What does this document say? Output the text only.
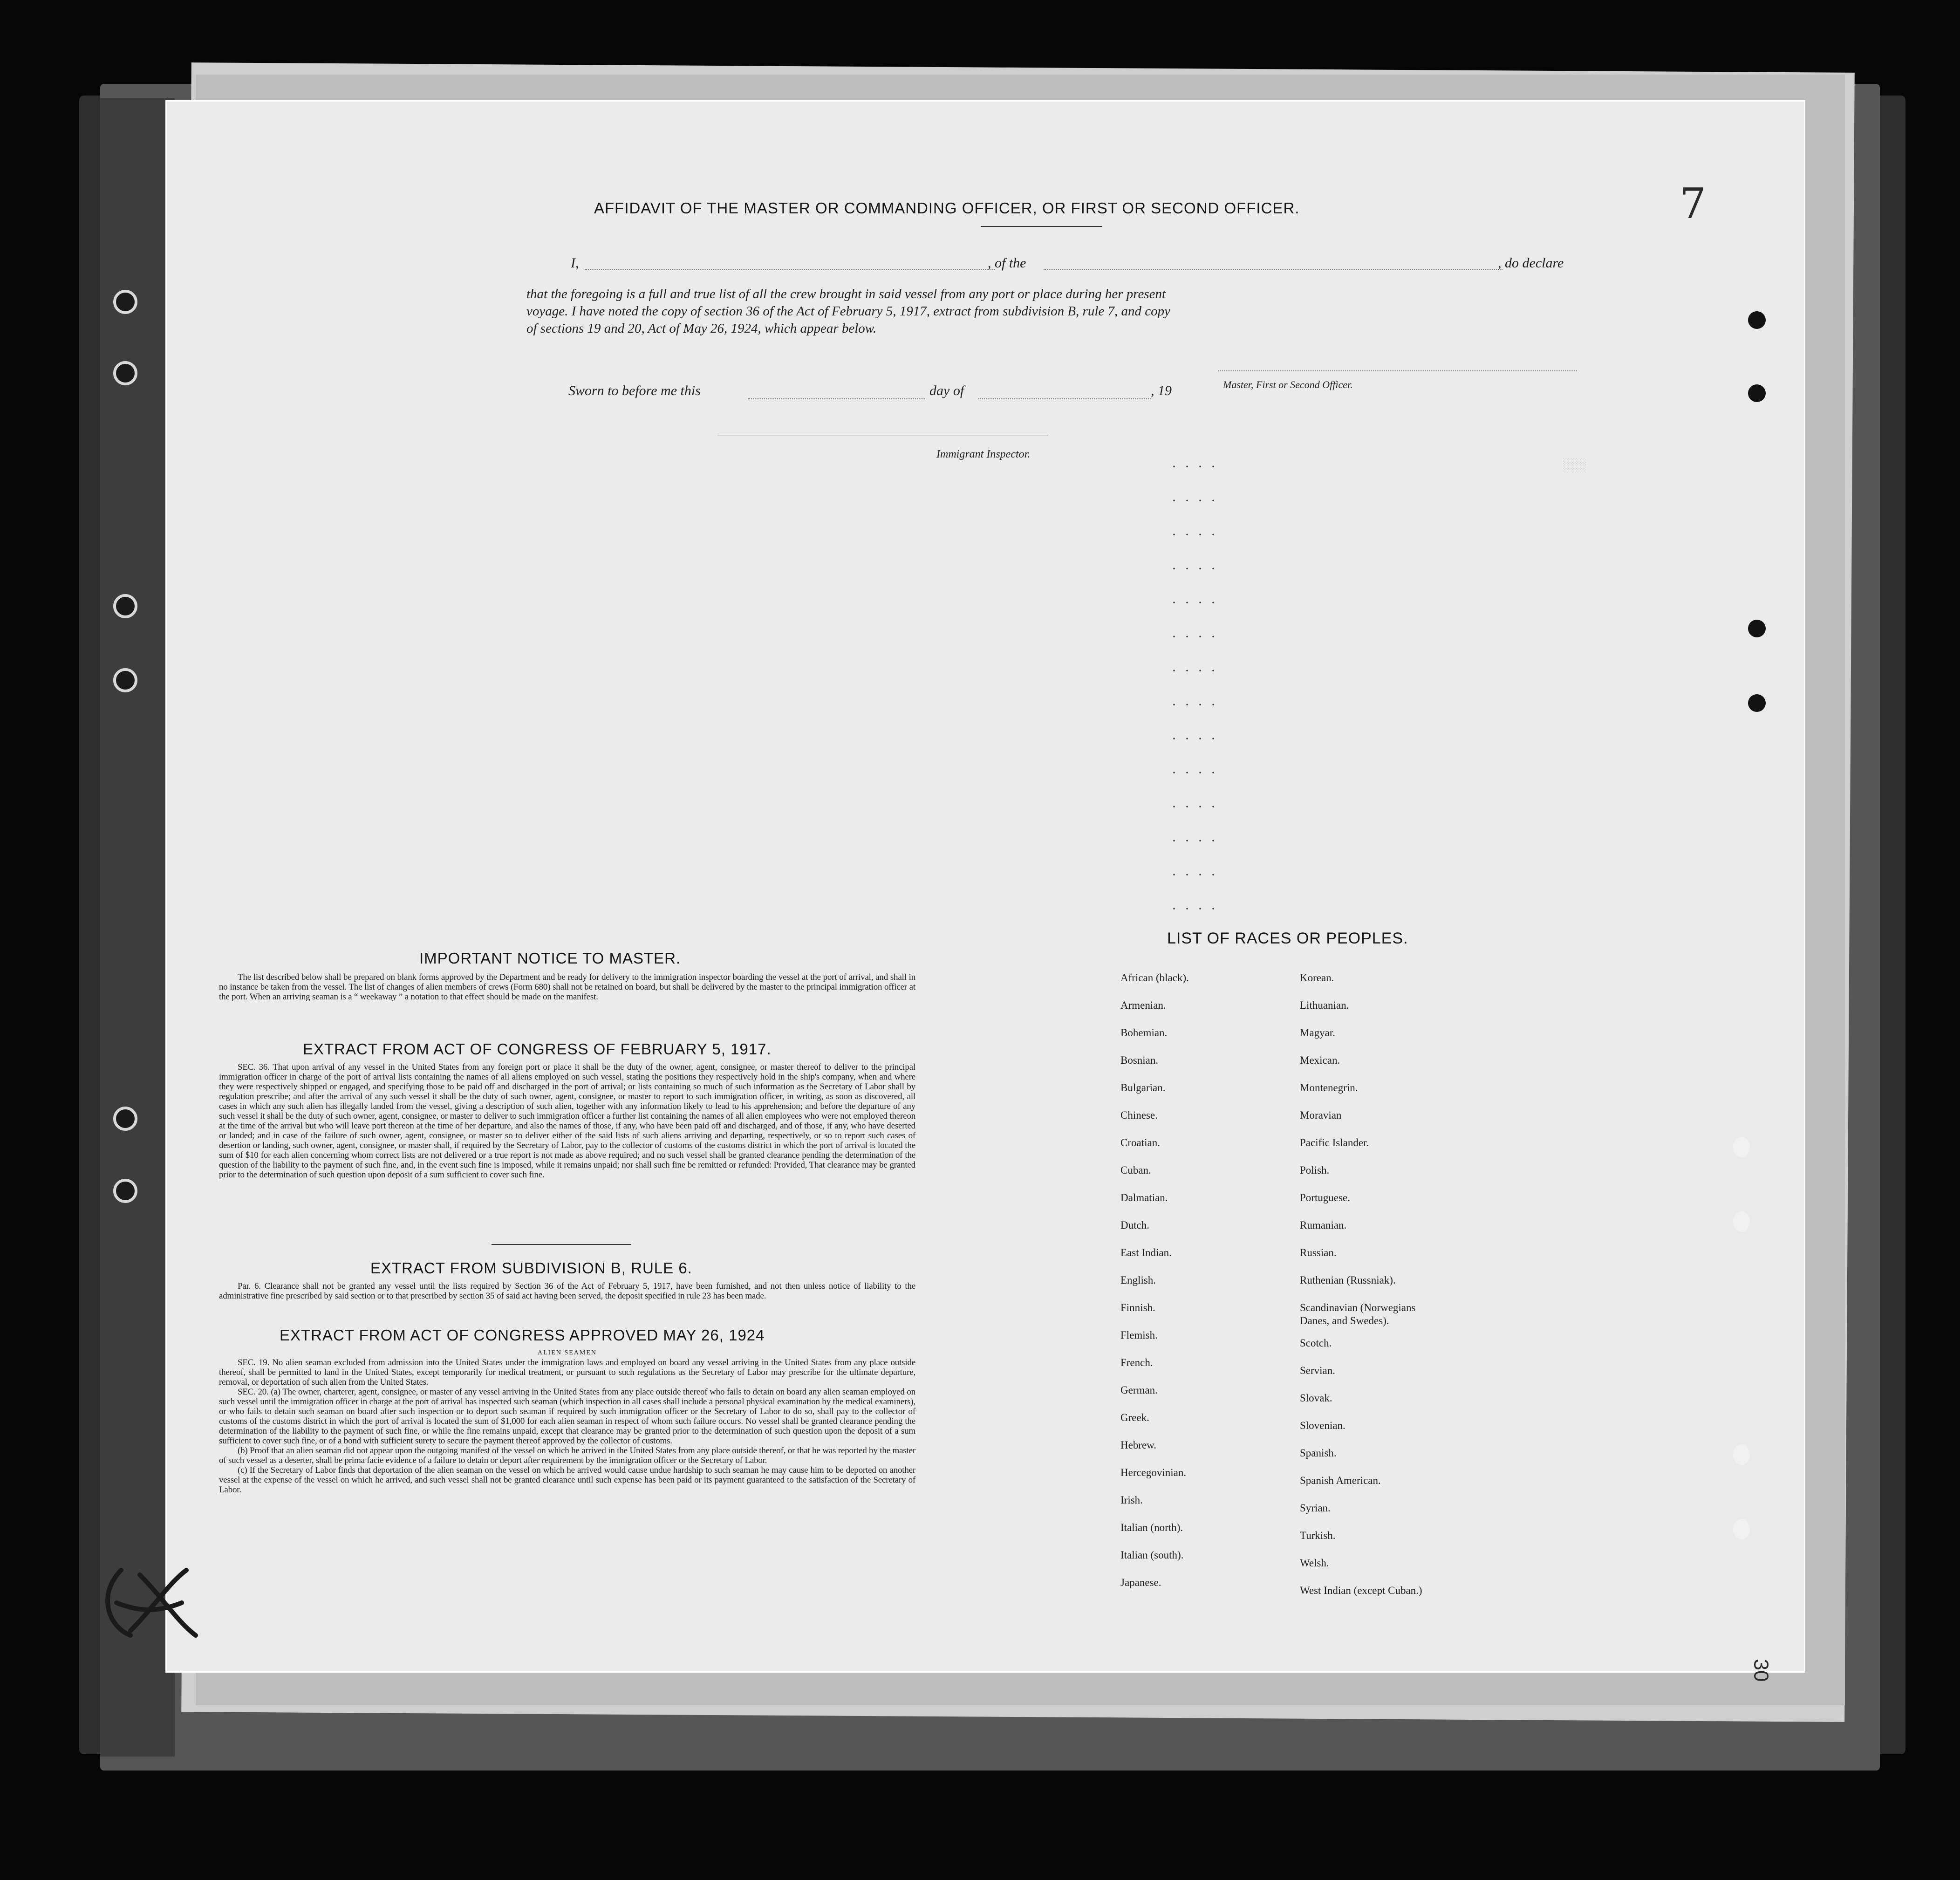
░░░
AFFIDAVIT OF THE MASTER OR COMMANDING OFFICER, OR FIRST OR SECOND OFFICER.
I,	, of the	, do declare
that the foregoing is a full and true list of all the crew brought in said vessel from any port or place during her present
voyage. I have noted the copy of section 36 of the Act of February 5, 1917, extract from subdivision B, rule 7, and copy
of sections 19 and 20, Act of May 26, 1924, which appear below.
Master, First or Second Officer.
Sworn to before me this	day of	, 19
Immigrant Inspector.
IMPORTANT NOTICE TO MASTER.

The list described below shall be prepared on blank forms approved by the Department and be ready for delivery to the immigration inspector boarding the vessel at the port of arrival, and shall in no instance be taken from the vessel. The list of changes of alien members of crews (Form 680) shall not be retained on board, but shall be delivered by the master to the principal immigration officer at the port. When an arriving seaman is a “ weekaway ” a notation to that effect should be made on the manifest.

EXTRACT FROM ACT OF CONGRESS OF FEBRUARY 5, 1917.

SEC. 36. That upon arrival of any vessel in the United States from any foreign port or place it shall be the duty of the owner, agent, consignee, or master thereof to deliver to the principal immigration officer in charge of the port of arrival lists containing the names of all aliens employed on such vessel, stating the positions they respectively hold in the ship's company, when and where they were respectively shipped or engaged, and specifying those to be paid off and discharged in the port of arrival; or lists containing so much of such information as the Secretary of Labor shall by regulation prescribe; and after the arrival of any such vessel it shall be the duty of such owner, agent, consignee, or master to report to such immigration officer, in writing, as soon as discovered, all cases in which any such alien has illegally landed from the vessel, giving a description of such alien, together with any information likely to lead to his apprehension; and before the departure of any such vessel it shall be the duty of such owner, agent, consignee, or master to deliver to such immigration officer a further list containing the names of all alien employees who were not employed thereon at the time of the arrival but who will leave port thereon at the time of her departure, and also the names of those, if any, who have been paid off and discharged, and of those, if any, who have deserted or landed; and in case of the failure of such owner, agent, consignee, or master so to deliver either of the said lists of such aliens arriving and departing, respectively, or so to report such cases of desertion or landing, such owner, agent, consignee, or master shall, if required by the Secretary of Labor, pay to the collector of customs of the customs district in which the port of arrival is located the sum of $10 for each alien concerning whom correct lists are not delivered or a true report is not made as above required; and no such vessel shall be granted clearance pending the determination of the question of the liability to the payment of such fine, and, in the event such fine is imposed, while it remains unpaid; nor shall such fine be remitted or refunded: Provided, That clearance may be granted prior to the determination of such question upon deposit of a sum sufficient to cover such fine.

EXTRACT FROM SUBDIVISION B, RULE 6.

Par. 6. Clearance shall not be granted any vessel until the lists required by Section 36 of the Act of February 5, 1917, have been furnished, and not then unless notice of liability to the administrative fine prescribed by said section or to that prescribed by section 35 of said act having been served, the deposit specified in rule 23 has been made.

EXTRACT FROM ACT OF CONGRESS APPROVED MAY 26, 1924
ALIEN SEAMEN

SEC. 19. No alien seaman excluded from admission into the United States under the immigration laws and employed on board any vessel arriving in the United States from any place outside thereof, shall be permitted to land in the United States, except temporarily for medical treatment, or pursuant to such regulations as the Secretary of Labor may prescribe for the ultimate departure, removal, or deportation of such alien from the United States.

SEC. 20. (a) The owner, charterer, agent, consignee, or master of any vessel arriving in the United States from any place outside thereof who fails to detain on board any alien seaman employed on such vessel until the immigration officer in charge at the port of arrival has inspected such seaman (which inspection in all cases shall include a personal physical examination by the medical examiners), or who fails to detain such seaman on board after such inspection or to deport such seaman if required by such immigration officer or the Secretary of Labor to do so, shall pay to the collector of customs of the customs district in which the port of arrival is located the sum of $1,000 for each alien seaman in respect of whom such failure occurs. No vessel shall be granted clearance pending the determination of the liability to the payment of such fine, or while the fine remains unpaid, except that clearance may be granted prior to the determination of such question upon the deposit of a sum sufficient to cover such fine, or of a bond with sufficient surety to secure the payment thereof approved by the collector of customs.

(b) Proof that an alien seaman did not appear upon the outgoing manifest of the vessel on which he arrived in the United States from any place outside thereof, or that he was reported by the master of such vessel as a deserter, shall be prima facie evidence of a failure to detain or deport after requirement by the immigration officer or the Secretary of Labor.

(c) If the Secretary of Labor finds that deportation of the alien seaman on the vessel on which he arrived would cause undue hardship to such seaman he may cause him to be deported on another vessel at the expense of the vessel on which he arrived, and such vessel shall not be granted clearance until such expense has been paid or its payment guaranteed to the satisfaction of the Secretary of Labor.

LIST OF RACES OR PEOPLES.
African (black).
Armenian.
Bohemian.
Bosnian.
Bulgarian.
Chinese.
Croatian.
Cuban.
Dalmatian.
Dutch.
East Indian.
English.
Finnish.
Flemish.
French.
German.
Greek.
Hebrew.
Hercegovinian.
Irish.
Italian (north).
Italian (south).
Japanese.
Korean.
Lithuanian.
Magyar.
Mexican.
Montenegrin.
Moravian
Pacific Islander.
Polish.
Portuguese.
Rumanian.
Russian.
Ruthenian (Russniak).
Scandinavian (Norwegians
Danes, and Swedes).
Scotch.
Servian.
Slovak.
Slovenian.
Spanish.
Spanish American.
Syrian.
Turkish.
Welsh.
West Indian (except Cuban.)
····
····
····
····
····
····
····
····
····
····
····
····
····
····
7
30
